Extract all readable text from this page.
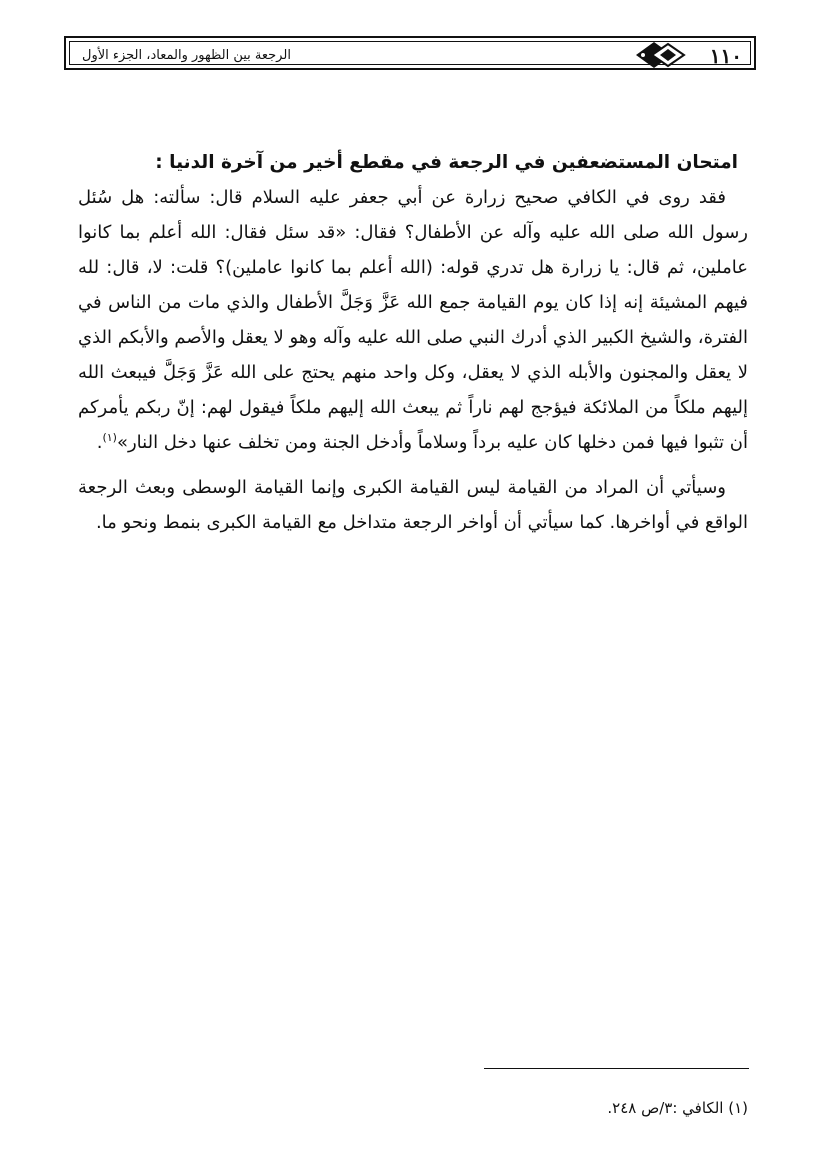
١١٠
الرجعة بين الظهور والمعاد، الجزء الأول

امتحان المستضعفين في الرجعة في مقطع أخير من آخرة الدنيا :

فقد روى في الكافي صحيح زرارة عن أبي جعفر عليه السلام قال: سألته: هل سُئل رسول الله صلى الله عليه وآله عن الأطفال؟ فقال: «قد سئل فقال: الله أعلم بما كانوا عاملين، ثم قال: يا زرارة هل تدري قوله: (الله أعلم بما كانوا عاملين)؟ قلت: لا، قال: لله فيهم المشيئة إنه إذا كان يوم القيامة جمع الله عَزَّ وَجَلَّ الأطفال والذي مات من الناس في الفترة، والشيخ الكبير الذي أدرك النبي صلى الله عليه وآله وهو لا يعقل والأصم والأبكم الذي لا يعقل والمجنون والأبله الذي لا يعقل، وكل واحد منهم يحتج على الله عَزَّ وَجَلَّ فيبعث الله إليهم ملكاً من الملائكة فيؤجج لهم ناراً ثم يبعث الله إليهم ملكاً فيقول لهم: إنّ ربكم يأمركم أن تثبوا فيها فمن دخلها كان عليه برداً وسلاماً وأدخل الجنة ومن تخلف عنها دخل النار»$^{(١)}$.

وسيأتي أن المراد من القيامة ليس القيامة الكبرى وإنما القيامة الوسطى وبعث الرجعة الواقع في أواخرها. كما سيأتي أن أواخر الرجعة متداخل مع القيامة الكبرى بنمط ونحو ما.

(١) الكافي :٣/ص ٢٤٨.
